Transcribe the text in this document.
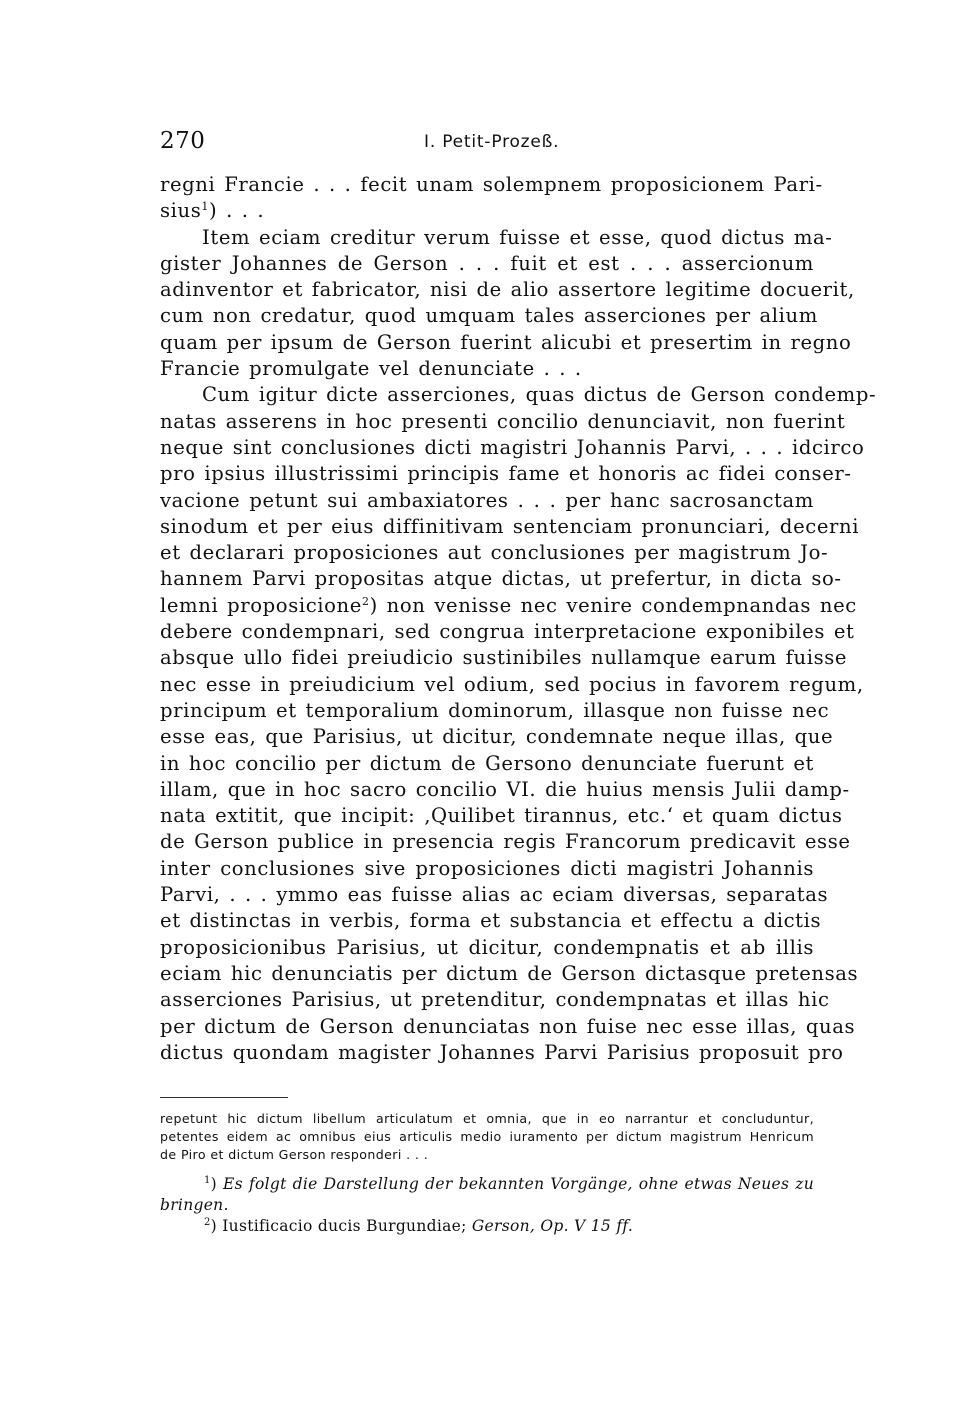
270	I. Petit-Prozeß.
regni Francie . . . fecit unam solempnem proposicionem Pari-
sius$^1$) . . .
Item eciam creditur verum fuisse et esse, quod dictus ma-
gister Johannes de Gerson . . . fuit et est . . . assercionum
adinventor et fabricator, nisi de alio assertore legitime docuerit,
cum non credatur, quod umquam tales asserciones per alium
quam per ipsum de Gerson fuerint alicubi et presertim in regno
Francie promulgate vel denunciate . . .
Cum igitur dicte asserciones, quas dictus de Gerson condemp-
natas asserens in hoc presenti concilio denunciavit, non fuerint
neque sint conclusiones dicti magistri Johannis Parvi, . . . idcirco
pro ipsius illustrissimi principis fame et honoris ac fidei conser-
vacione petunt sui ambaxiatores . . . per hanc sacrosanctam
sinodum et per eius diffinitivam sentenciam pronunciari, decerni
et declarari proposiciones aut conclusiones per magistrum Jo-
hannem Parvi propositas atque dictas, ut prefertur, in dicta so-
lemni proposicione$^2$) non venisse nec venire condempnandas nec
debere condempnari, sed congrua interpretacione exponibiles et
absque ullo fidei preiudicio sustinibiles nullamque earum fuisse
nec esse in preiudicium vel odium, sed pocius in favorem regum,
principum et temporalium dominorum, illasque non fuisse nec
esse eas, que Parisius, ut dicitur, condemnate neque illas, que
in hoc concilio per dictum de Gersono denunciate fuerunt et
illam, que in hoc sacro concilio VI. die huius mensis Julii damp-
nata extitit, que incipit: ‚Quilibet tirannus, etc.‘ et quam dictus
de Gerson publice in presencia regis Francorum predicavit esse
inter conclusiones sive proposiciones dicti magistri Johannis
Parvi, . . . ymmo eas fuisse alias ac eciam diversas, separatas
et distinctas in verbis, forma et substancia et effectu a dictis
proposicionibus Parisius, ut dicitur, condempnatis et ab illis
eciam hic denunciatis per dictum de Gerson dictasque pretensas
asserciones Parisius, ut pretenditur, condempnatas et illas hic
per dictum de Gerson denunciatas non fuise nec esse illas, quas
dictus quondam magister Johannes Parvi Parisius proposuit pro
repetunt hic dictum libellum articulatum et omnia, que in eo narrantur et concluduntur,
petentes eidem ac omnibus eius articulis medio iuramento per dictum magistrum Henricum
de Piro et dictum Gerson responderi . . .
$^1$) Es folgt die Darstellung der bekannten Vorgänge, ohne etwas Neues zu
bringen.
$^2$) Iustificacio ducis Burgundiae; Gerson, Op. V 15 ff.
